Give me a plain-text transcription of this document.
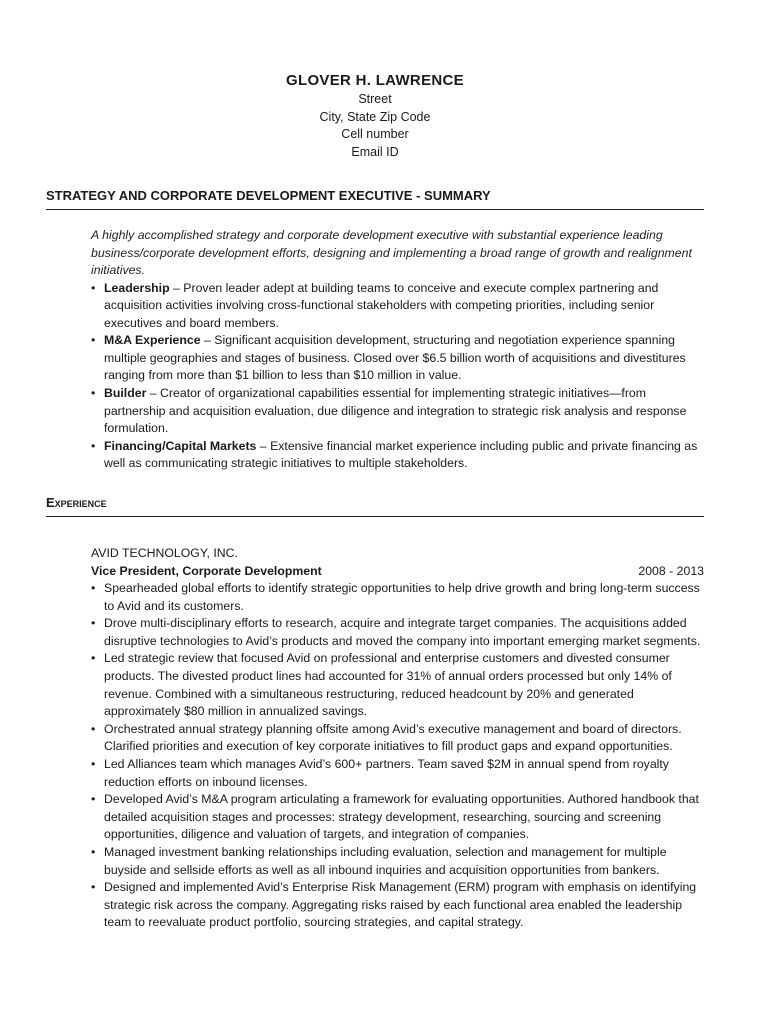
GLOVER H. LAWRENCE
Street
City, State Zip Code
Cell number
Email ID
STRATEGY AND CORPORATE DEVELOPMENT EXECUTIVE - SUMMARY
A highly accomplished strategy and corporate development executive with substantial experience leading business/corporate development efforts, designing and implementing a broad range of growth and realignment initiatives.
• Leadership – Proven leader adept at building teams to conceive and execute complex partnering and acquisition activities involving cross-functional stakeholders with competing priorities, including senior executives and board members.
• M&A Experience – Significant acquisition development, structuring and negotiation experience spanning multiple geographies and stages of business. Closed over $6.5 billion worth of acquisitions and divestitures ranging from more than $1 billion to less than $10 million in value.
• Builder – Creator of organizational capabilities essential for implementing strategic initiatives—from partnership and acquisition evaluation, due diligence and integration to strategic risk analysis and response formulation.
• Financing/Capital Markets – Extensive financial market experience including public and private financing as well as communicating strategic initiatives to multiple stakeholders.
Experience
AVID TECHNOLOGY, INC.
Vice President, Corporate Development	2008 - 2013
• Spearheaded global efforts to identify strategic opportunities to help drive growth and bring long-term success to Avid and its customers.
• Drove multi-disciplinary efforts to research, acquire and integrate target companies. The acquisitions added disruptive technologies to Avid’s products and moved the company into important emerging market segments.
• Led strategic review that focused Avid on professional and enterprise customers and divested consumer products. The divested product lines had accounted for 31% of annual orders processed but only 14% of revenue. Combined with a simultaneous restructuring, reduced headcount by 20% and generated approximately $80 million in annualized savings.
• Orchestrated annual strategy planning offsite among Avid’s executive management and board of directors. Clarified priorities and execution of key corporate initiatives to fill product gaps and expand opportunities.
• Led Alliances team which manages Avid’s 600+ partners. Team saved $2M in annual spend from royalty reduction efforts on inbound licenses.
• Developed Avid’s M&A program articulating a framework for evaluating opportunities. Authored handbook that detailed acquisition stages and processes: strategy development, researching, sourcing and screening opportunities, diligence and valuation of targets, and integration of companies.
• Managed investment banking relationships including evaluation, selection and management for multiple buyside and sellside efforts as well as all inbound inquiries and acquisition opportunities from bankers.
• Designed and implemented Avid’s Enterprise Risk Management (ERM) program with emphasis on identifying strategic risk across the company. Aggregating risks raised by each functional area enabled the leadership team to reevaluate product portfolio, sourcing strategies, and capital strategy.
